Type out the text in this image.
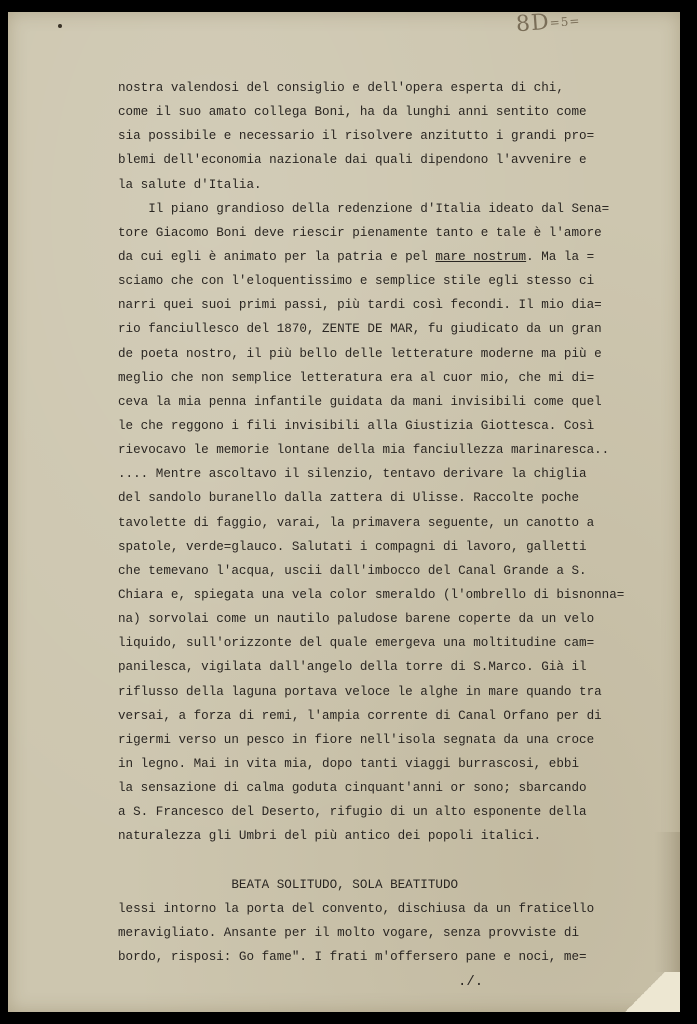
8D=5=
nostra valendosi del consiglio e dell'opera esperta di chi,
come il suo amato collega Boni, ha da lunghi anni sentito come
sia possibile e necessario il risolvere anzitutto i grandi pro=
blemi dell'economia nazionale dai quali dipendono l'avvenire e
la salute d'Italia.
Il piano grandioso della redenzione d'Italia ideato dal Sena=
tore Giacomo Boni deve riescir pienamente tanto e tale è l'amore
da cui egli è animato per la patria e pel mare nostrum. Ma la =
sciamo che con l'eloquentissimo e semplice stile egli stesso ci
narri quei suoi primi passi, più tardi così fecondi. Il mio dia=
rio fanciullesco del 1870, ZENTE DE MAR, fu giudicato da un gran
de poeta nostro, il più bello delle letterature moderne ma più e
meglio che non semplice letteratura era al cuor mio, che mi di=
ceva la mia penna infantile guidata da mani invisibili come quel
le che reggono i fili invisibili alla Giustizia Giottesca. Così
rievocavo le memorie lontane della mia fanciullezza marinaresca..
.... Mentre ascoltavo il silenzio, tentavo derivare la chiglia
del sandolo buranello dalla zattera di Ulisse. Raccolte poche
tavolette di faggio, varai, la primavera seguente, un canotto a
spatole, verde=glauco. Salutati i compagni di lavoro, galletti
che temevano l'acqua, uscii dall'imbocco del Canal Grande a S.
Chiara e, spiegata una vela color smeraldo (l'ombrello di bisnonna=
na) sorvolai come un nautilo paludose barene coperte da un velo
liquido, sull'orizzonte del quale emergeva una moltitudine cam=
panilesca, vigilata dall'angelo della torre di S.Marco. Già il
riflusso della laguna portava veloce le alghe in mare quando tra
versai, a forza di remi, l'ampia corrente di Canal Orfano per di
rigermi verso un pesco in fiore nell'isola segnata da una croce
in legno. Mai in vita mia, dopo tanti viaggi burrascosi, ebbi
la sensazione di calma goduta cinquant'anni or sono; sbarcando
a S. Francesco del Deserto, rifugio di un alto esponente della
naturalezza gli Umbri del più antico dei popoli italici.
BEATA SOLITUDO, SOLA BEATITUDO
lessi intorno la porta del convento, dischiusa da un fraticello
meravigliato. Ansante per il molto vogare, senza provviste di
bordo, risposi: Go fame". I frati m'offersero pane e noci, me=
./.
